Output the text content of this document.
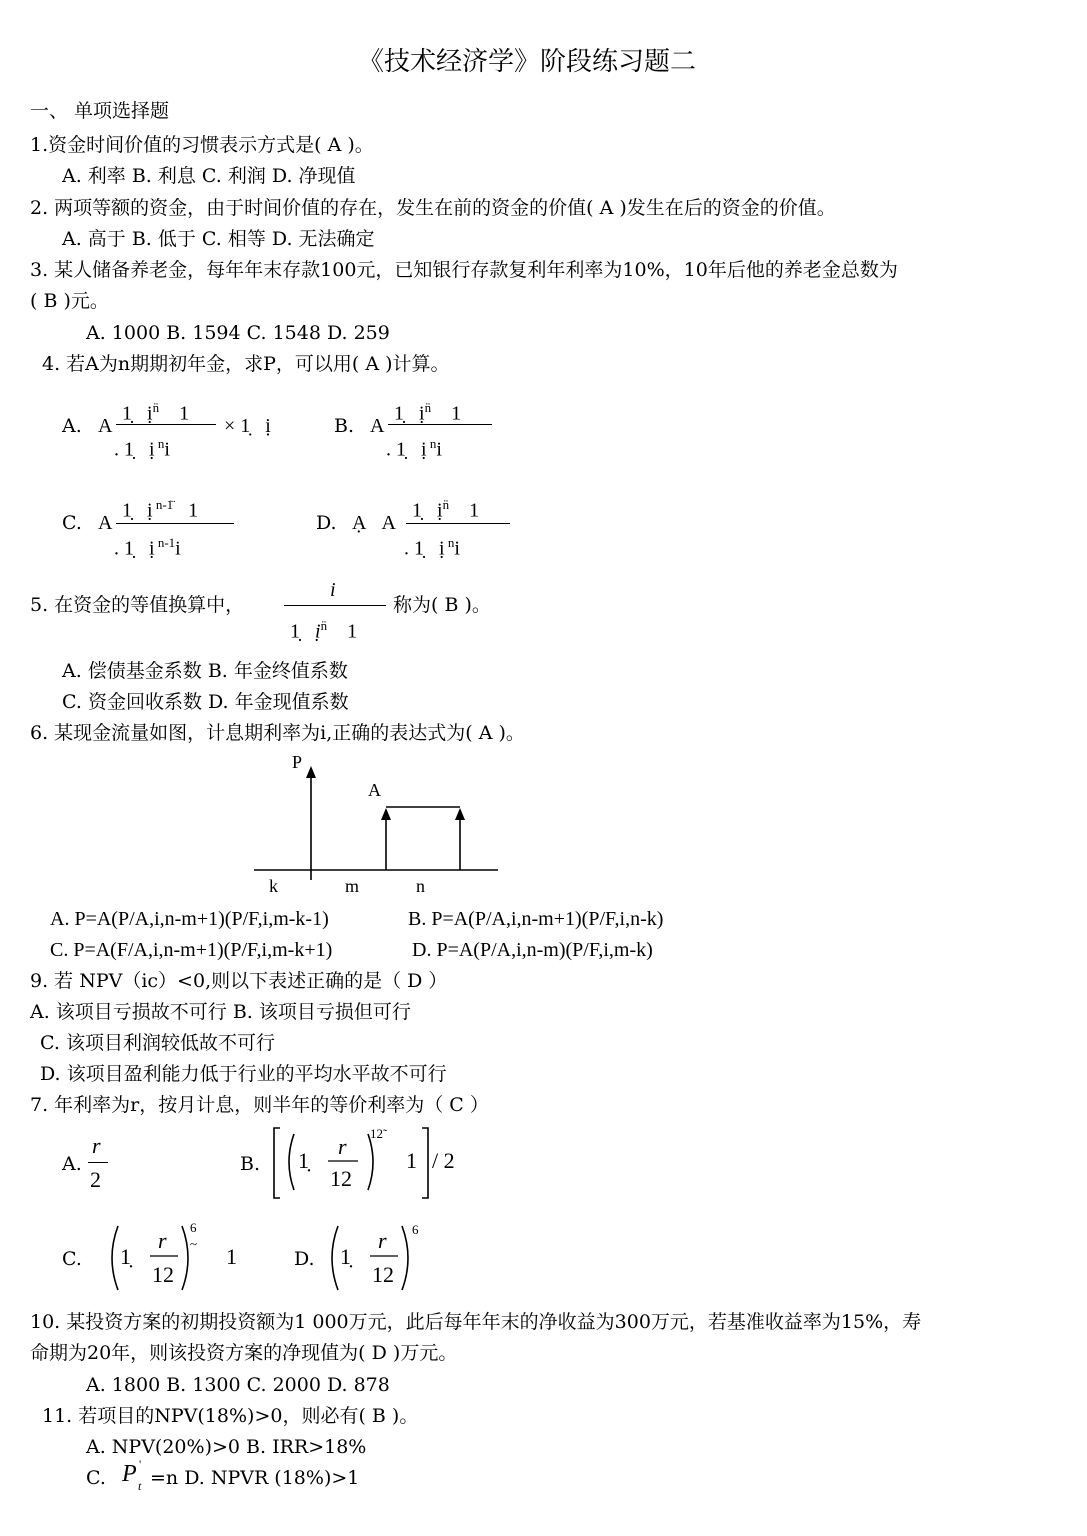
《技术经济学》阶段练习题二
一、 单项选择题
1.资金时间价值的习惯表示方式是( A )。
A. 利率 B. 利息 C. 利润 D. 净现值
2. 两项等额的资金，由于时间价值的存在，发生在前的资金的价值( A )发生在后的资金的价值。
A. 高于 B. 低于 C. 相等 D. 无法确定
3. 某人储备养老金，每年年末存款100元，已知银行存款复利年利率为10%，10年后他的养老金总数为
( B )元。
A. 1000 B. 1594 C. 1548 D. 259
4. 若A为n期期初年金，求P，可以用( A )计算。
A. A
1̣   ị$^{n̈}$    1
. 1̣   ị $^n$i
× 1̣   ị	B. A
1̣   ị$^{n̈}$    1
. 1̣   ị $^n$i
C. A
1̣   ị $^{n-1̈}$   1
. 1̣   ị $^{n-1}$i
D. Ạ   A
1̣   ị$^{n̈}$    1
. 1̣   ị $^n$i
5. 在资金的等值换算中，
i
1̣   ị$^{n̈}$    1
称为( B )。
A. 偿债基金系数 B. 年金终值系数
C. 资金回收系数 D. 年金现值系数
6. 某现金流量如图，计息期利率为i,正确的表达式为( A )。
P
A
k	m	n
A. P=A(P/A,i,n-m+1)(P/F,i,m-k-1)	B. P=A(P/A,i,n-m+1)(P/F,i,n-k)
C. P=A(F/A,i,n-m+1)(P/F,i,m-k+1)	D. P=A(P/A,i,n-m)(P/F,i,m-k)
9. 若 NPV（ic）<0,则以下表述正确的是（ D ）
A. 该项目亏损故不可行 B. 该项目亏损但可行
C. 该项目利润较低故不可行
D. 该项目盈利能力低于行业的平均水平故不可行
7. 年利率为r，按月计息，则半年的等价利率为（ C ）
A.
r
2
B. 1̣
r
12
12̃
1 / 2
C. 1̣
r
12
6
~
1	D. 1̣
r
12
6
10. 某投资方案的初期投资额为1 000万元，此后每年年末的净收益为300万元，若基准收益率为15%，寿
命期为20年，则该投资方案的净现值为( D )万元。
A. 1800 B. 1300 C. 2000 D. 878
11. 若项目的NPV(18%)>0，则必有( B )。
A. NPV(20%)>0 B. IRR>18%
C. P t
'
=n D. NPVR (18%)>1
